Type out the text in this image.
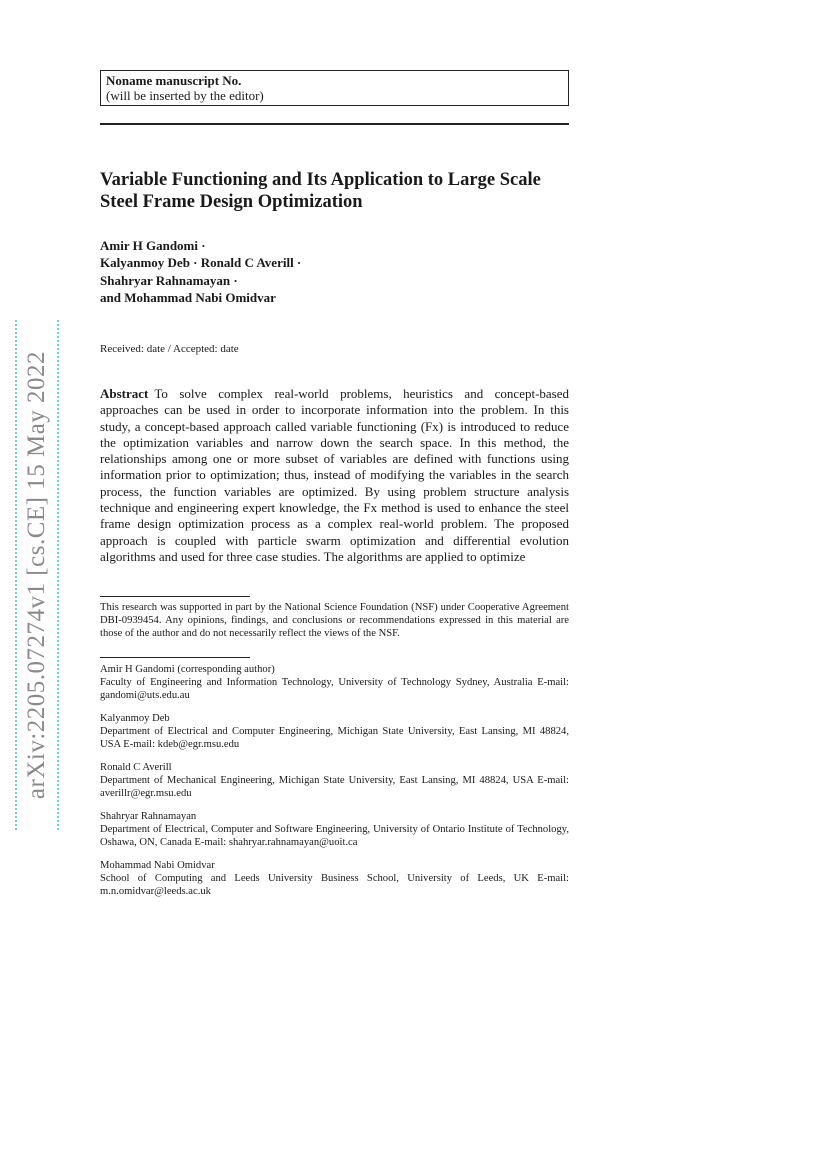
arXiv:2205.07274v1 [cs.CE] 15 May 2022
Noname manuscript No.
(will be inserted by the editor)
Variable Functioning and Its Application to Large Scale Steel Frame Design Optimization
Amir H Gandomi ·
Kalyanmoy Deb · Ronald C Averill ·
Shahryar Rahnamayan ·
and Mohammad Nabi Omidvar
Received: date / Accepted: date

Abstract To solve complex real-world problems, heuristics and concept-based approaches can be used in order to incorporate information into the problem. In this study, a concept-based approach called variable functioning (Fx) is introduced to reduce the optimization variables and narrow down the search space. In this method, the relationships among one or more subset of variables are defined with functions using information prior to optimization; thus, instead of modifying the variables in the search process, the function variables are optimized. By using problem structure analysis technique and engineering expert knowledge, the Fx method is used to enhance the steel frame design optimization process as a complex real-world problem. The proposed approach is coupled with particle swarm optimization and differential evolution algorithms and used for three case studies. The algorithms are applied to optimize

This research was supported in part by the National Science Foundation (NSF) under Cooperative Agreement DBI-0939454. Any opinions, findings, and conclusions or recommendations expressed in this material are those of the author and do not necessarily reflect the views of the NSF.

Amir H Gandomi (corresponding author)
Faculty of Engineering and Information Technology, University of Technology Sydney, Australia E-mail: gandomi@uts.edu.au
Kalyanmoy Deb
Department of Electrical and Computer Engineering, Michigan State University, East Lansing, MI 48824, USA E-mail: kdeb@egr.msu.edu
Ronald C Averill
Department of Mechanical Engineering, Michigan State University, East Lansing, MI 48824, USA E-mail: averillr@egr.msu.edu
Shahryar Rahnamayan
Department of Electrical, Computer and Software Engineering, University of Ontario Institute of Technology, Oshawa, ON, Canada E-mail: shahryar.rahnamayan@uoit.ca
Mohammad Nabi Omidvar
School of Computing and Leeds University Business School, University of Leeds, UK E-mail: m.n.omidvar@leeds.ac.uk
